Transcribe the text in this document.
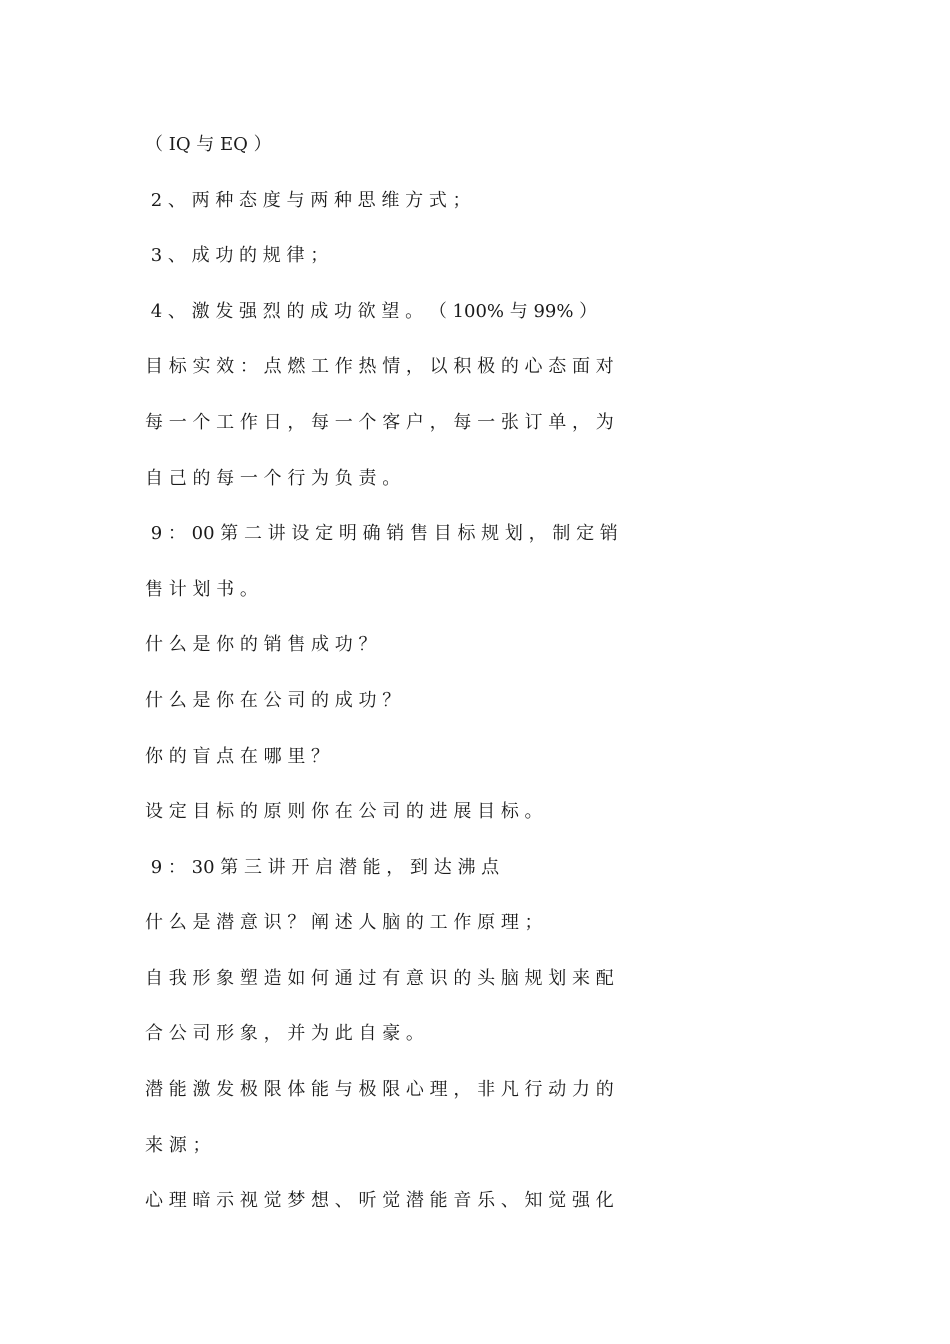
（ IQ 与 EQ ）
2 、 两 种 态 度 与 两 种 思 维 方 式 ；
3 、 成 功 的 规 律 ；
4 、 激 发 强 烈 的 成 功 欲 望 。 （ 100% 与 99% ）
目 标 实 效 ： 点 燃 工 作 热 情 ， 以 积 极 的 心 态 面 对
每 一 个 工 作 日 ， 每 一 个 客 户 ， 每 一 张 订 单 ， 为
自 己 的 每 一 个 行 为 负 责 。
9 ： 00 第 二 讲 设 定 明 确 销 售 目 标 规 划 ， 制 定 销
售 计 划 书 。
什 么 是 你 的 销 售 成 功 ？
什 么 是 你 在 公 司 的 成 功 ？
你 的 盲 点 在 哪 里 ？
设 定 目 标 的 原 则 你 在 公 司 的 进 展 目 标 。
9 ： 30 第 三 讲 开 启 潜 能 ， 到 达 沸 点
什 么 是 潜 意 识 ？ 阐 述 人 脑 的 工 作 原 理 ；
自 我 形 象 塑 造 如 何 通 过 有 意 识 的 头 脑 规 划 来 配
合 公 司 形 象 ， 并 为 此 自 豪 。
潜 能 激 发 极 限 体 能 与 极 限 心 理 ， 非 凡 行 动 力 的
来 源 ；
心 理 暗 示 视 觉 梦 想 、 听 觉 潜 能 音 乐 、 知 觉 强 化
